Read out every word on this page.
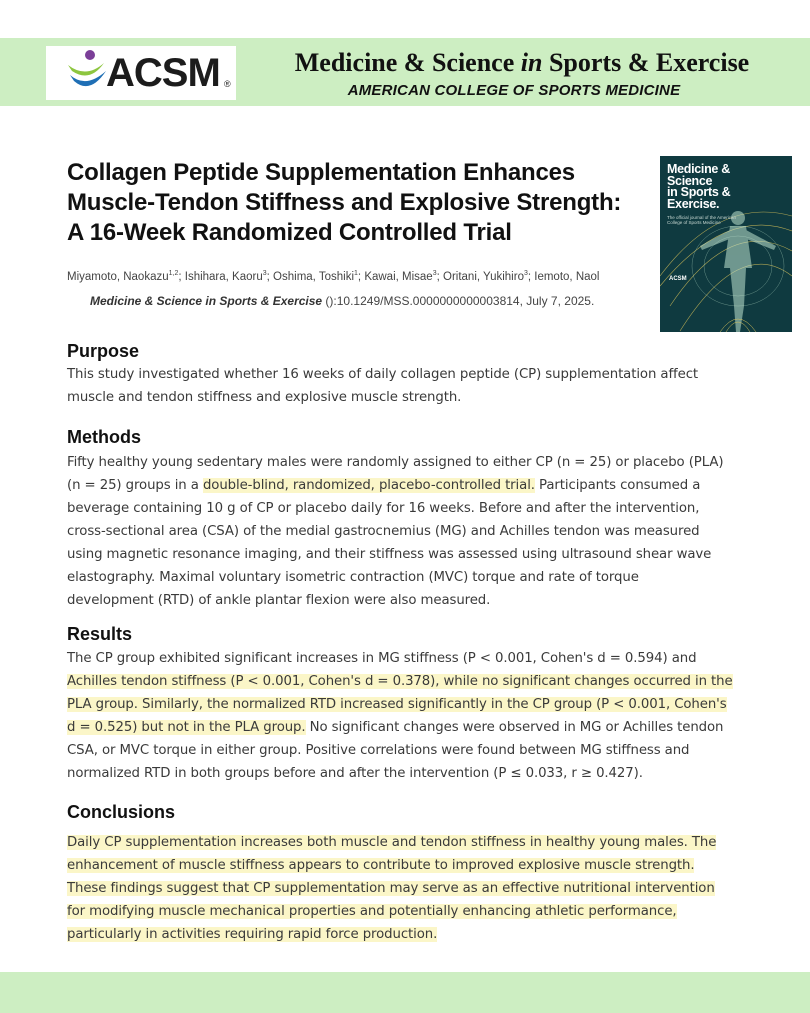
ACSM ®
Medicine & Science in Sports & Exercise
AMERICAN COLLEGE OF SPORTS MEDICINE
Collagen Peptide Supplementation Enhances
Muscle-Tendon Stiffness and Explosive Strength:
A 16-Week Randomized Controlled Trial
Miyamoto, Naokazu$^{1,2}$; Ishihara, Kaoru$^3$; Oshima, Toshiki$^1$; Kawai, Misae$^3$; Oritani, Yukihiro$^3$; Iemoto, Naol
Medicine & Science in Sports & Exercise ():10.1249/MSS.0000000000003814, July 7, 2025.
Medicine &
Science
in Sports &
Exercise.
The official journal of the American College of Sports Medicine
ACSM
Purpose
This study investigated whether 16 weeks of daily collagen peptide (CP) supplementation affect
muscle and tendon stiffness and explosive muscle strength.
Methods
Fifty healthy young sedentary males were randomly assigned to either CP (n = 25) or placebo (PLA)
(n = 25) groups in a double-blind, randomized, placebo-controlled trial. Participants consumed a
beverage containing 10 g of CP or placebo daily for 16 weeks. Before and after the intervention,
cross-sectional area (CSA) of the medial gastrocnemius (MG) and Achilles tendon was measured
using magnetic resonance imaging, and their stiffness was assessed using ultrasound shear wave
elastography. Maximal voluntary isometric contraction (MVC) torque and rate of torque
development (RTD) of ankle plantar flexion were also measured.
Results
The CP group exhibited significant increases in MG stiffness (P < 0.001, Cohen's d = 0.594) and
Achilles tendon stiffness (P < 0.001, Cohen's d = 0.378), while no significant changes occurred in the
PLA group. Similarly, the normalized RTD increased significantly in the CP group (P < 0.001, Cohen's
d = 0.525) but not in the PLA group. No significant changes were observed in MG or Achilles tendon
CSA, or MVC torque in either group. Positive correlations were found between MG stiffness and
normalized RTD in both groups before and after the intervention (P ≤ 0.033, r ≥ 0.427).
Conclusions
Daily CP supplementation increases both muscle and tendon stiffness in healthy young males. The
enhancement of muscle stiffness appears to contribute to improved explosive muscle strength.
These findings suggest that CP supplementation may serve as an effective nutritional intervention
for modifying muscle mechanical properties and potentially enhancing athletic performance,
particularly in activities requiring rapid force production.
